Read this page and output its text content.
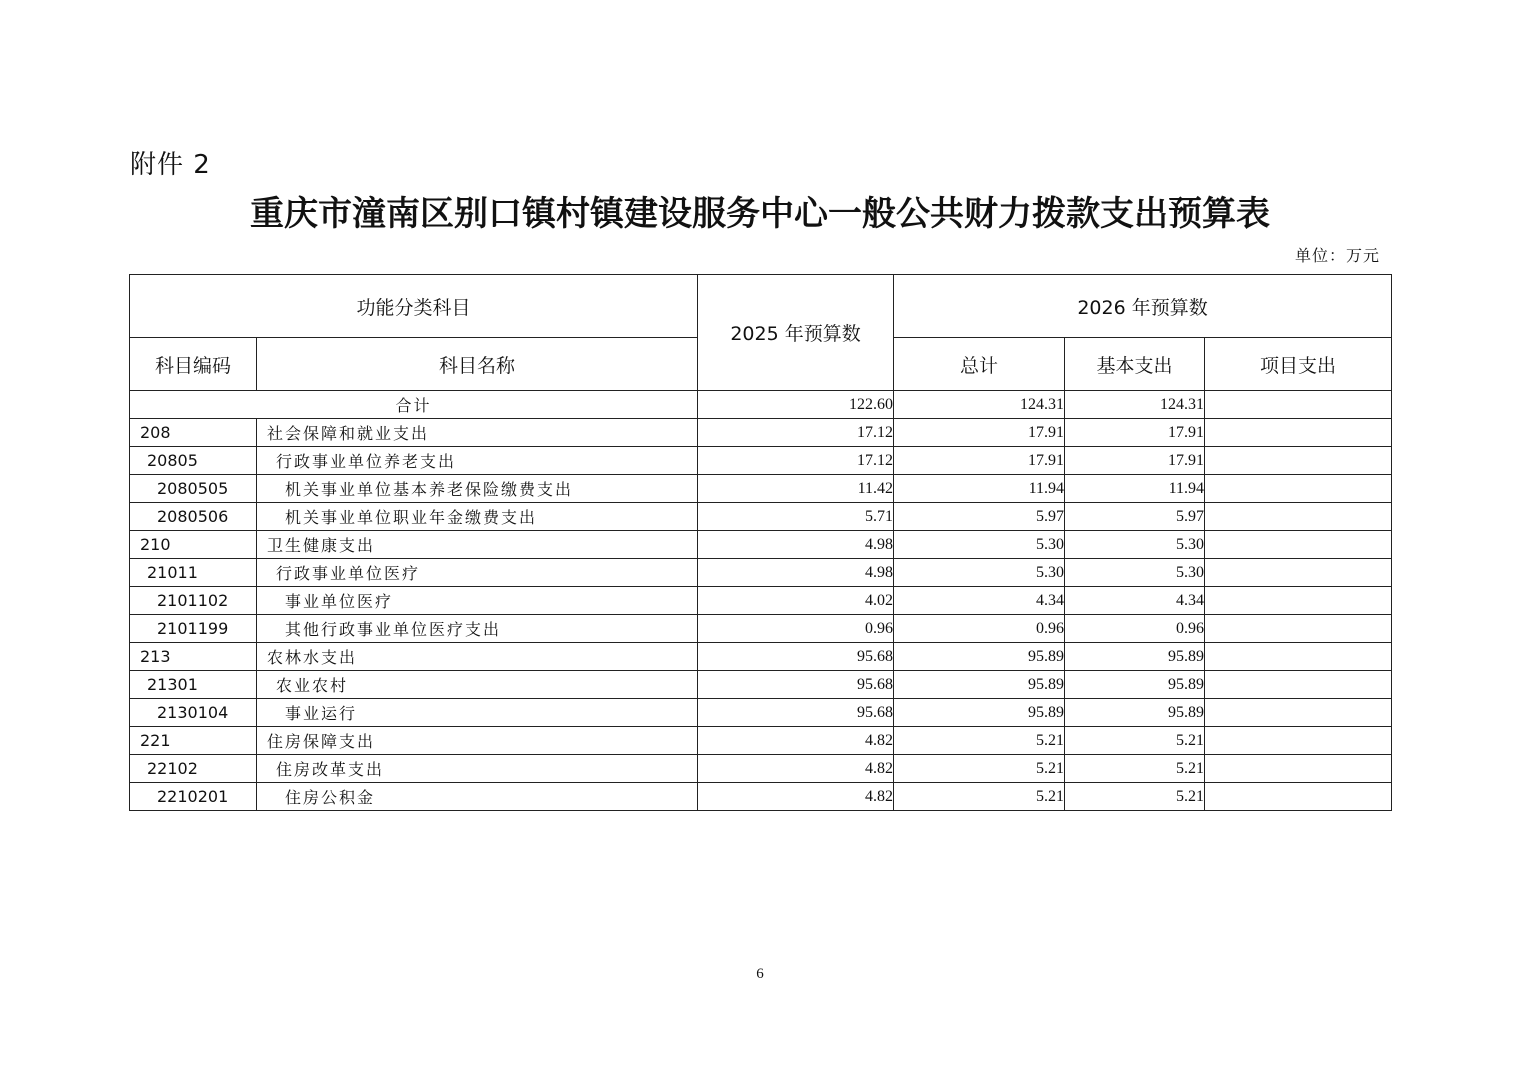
附件 2
重庆市潼南区别口镇村镇建设服务中心一般公共财力拨款支出预算表
单位：万元
功能分类科目		2025 年预算数	2026 年预算数		
科目编码	科目名称		总计	基本支出	项目支出
合计		122.60	124.31	124.31	
208	社会保障和就业支出	17.12	17.91	17.91	
20805	行政事业单位养老支出	17.12	17.91	17.91	
2080505	机关事业单位基本养老保险缴费支出	11.42	11.94	11.94	
2080506	机关事业单位职业年金缴费支出	5.71	5.97	5.97	
210	卫生健康支出	4.98	5.30	5.30	
21011	行政事业单位医疗	4.98	5.30	5.30	
2101102	事业单位医疗	4.02	4.34	4.34	
2101199	其他行政事业单位医疗支出	0.96	0.96	0.96	
213	农林水支出	95.68	95.89	95.89	
21301	农业农村	95.68	95.89	95.89	
2130104	事业运行	95.68	95.89	95.89	
221	住房保障支出	4.82	5.21	5.21	
22102	住房改革支出	4.82	5.21	5.21	
2210201	住房公积金	4.82	5.21	5.21	
6
